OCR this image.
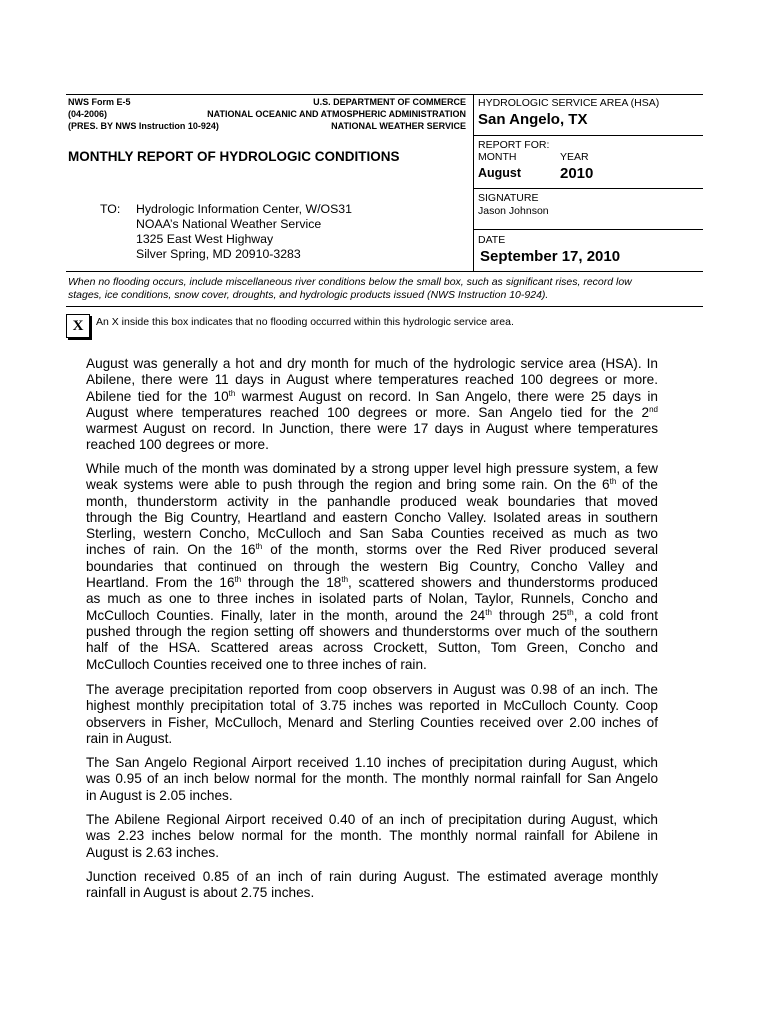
NWS Form E-5
(04-2006)
(PRES. BY NWS Instruction 10-924)
U.S. DEPARTMENT OF COMMERCE
NATIONAL OCEANIC AND ATMOSPHERIC ADMINISTRATION
NATIONAL WEATHER SERVICE
MONTHLY REPORT OF HYDROLOGIC CONDITIONS
HYDROLOGIC SERVICE AREA (HSA)
San Angelo, TX
REPORT FOR:
MONTH	YEAR
August	2010
SIGNATURE
Jason Johnson
DATE
September 17, 2010
TO: Hydrologic Information Center, W/OS31
NOAA’s National Weather Service
1325 East West Highway
Silver Spring, MD 20910-3283
When no flooding occurs, include miscellaneous river conditions below the small box, such as significant rises, record low
stages, ice conditions, snow cover, droughts, and hydrologic products issued (NWS Instruction 10-924).
X	An X inside this box indicates that no flooding occurred within this hydrologic service area.
August was generally a hot and dry month for much of the hydrologic service area (HSA). In
Abilene, there were 11 days in August where temperatures reached 100 degrees or more.
Abilene tied for the 10th warmest August on record. In San Angelo, there were 25 days in
August where temperatures reached 100 degrees or more. San Angelo tied for the 2nd
warmest August on record. In Junction, there were 17 days in August where temperatures
reached 100 degrees or more.
While much of the month was dominated by a strong upper level high pressure system, a few
weak systems were able to push through the region and bring some rain. On the 6th of the
month, thunderstorm activity in the panhandle produced weak boundaries that moved
through the Big Country, Heartland and eastern Concho Valley. Isolated areas in southern
Sterling, western Concho, McCulloch and San Saba Counties received as much as two
inches of rain. On the 16th of the month, storms over the Red River produced several
boundaries that continued on through the western Big Country, Concho Valley and
Heartland. From the 16th through the 18th, scattered showers and thunderstorms produced
as much as one to three inches in isolated parts of Nolan, Taylor, Runnels, Concho and
McCulloch Counties. Finally, later in the month, around the 24th through 25th, a cold front
pushed through the region setting off showers and thunderstorms over much of the southern
half of the HSA. Scattered areas across Crockett, Sutton, Tom Green, Concho and
McCulloch Counties received one to three inches of rain.
The average precipitation reported from coop observers in August was 0.98 of an inch. The
highest monthly precipitation total of 3.75 inches was reported in McCulloch County. Coop
observers in Fisher, McCulloch, Menard and Sterling Counties received over 2.00 inches of
rain in August.
The San Angelo Regional Airport received 1.10 inches of precipitation during August, which
was 0.95 of an inch below normal for the month. The monthly normal rainfall for San Angelo
in August is 2.05 inches.
The Abilene Regional Airport received 0.40 of an inch of precipitation during August, which
was 2.23 inches below normal for the month. The monthly normal rainfall for Abilene in
August is 2.63 inches.
Junction received 0.85 of an inch of rain during August. The estimated average monthly
rainfall in August is about 2.75 inches.
